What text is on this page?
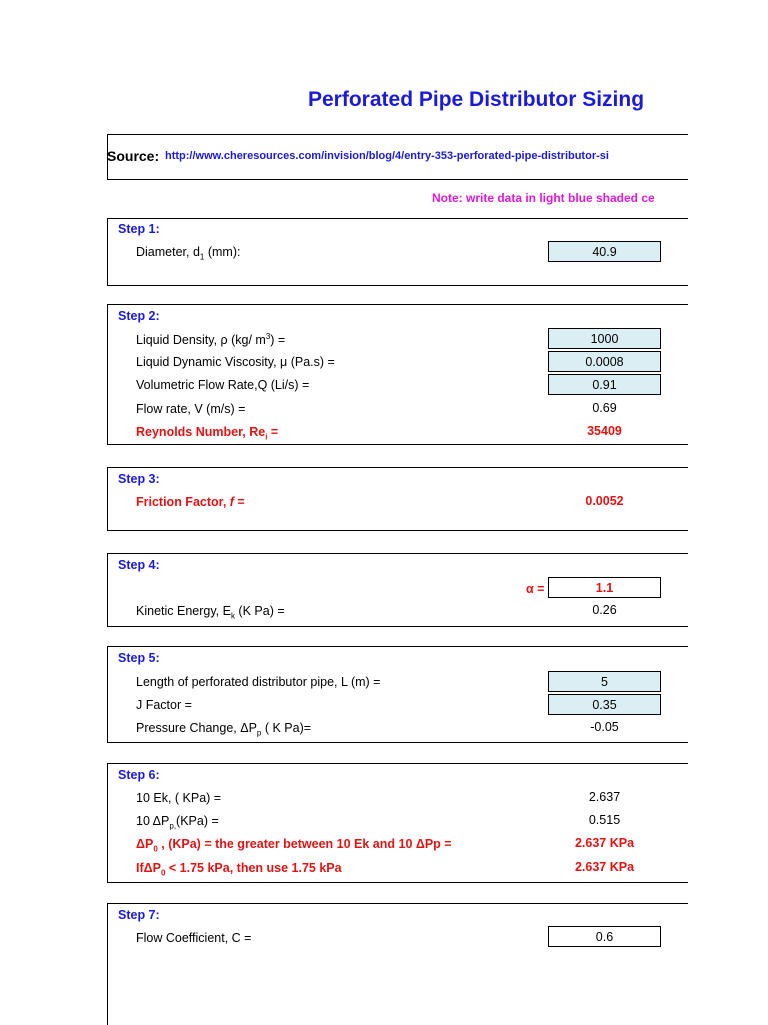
Perforated Pipe Distributor Sizing
Source: http://www.cheresources.com/invision/blog/4/entry-353-perforated-pipe-distributor-si
Note: write data in light blue shaded ce
Step 1:
Diameter, $d_1$ (mm):	40.9
Step 2:
Liquid Density, ρ (kg/ $m^3$) =	1000
Liquid Dynamic Viscosity, μ (Pa.s) =	0.0008
Volumetric Flow Rate,Q (Li/s) =	0.91
Flow rate, V (m/s) =	0.69
Reynolds Number, $Re_i$ =	35409
Step 3:
Friction Factor, f =	0.0052
Step 4:
α =	1.1
Kinetic Energy, $E_k$ (K Pa) =	0.26
Step 5:
Length of perforated distributor pipe, L (m) =	5
J Factor =	0.35
Pressure Change, $\Delta P_p$ ( K Pa)=	-0.05
Step 6:
10 Ek, ( KPa) =	2.637
10 $\Delta P_{p,}(KPa)$ =	0.515
$\Delta P_0$ , (KPa) = the greater between 10 Ek and 10 ΔPp =	2.637 KPa
IfΔP$_0$ < 1.75 kPa, then use 1.75 kPa	2.637 KPa
Step 7:
Flow Coefficient, C =	0.6
